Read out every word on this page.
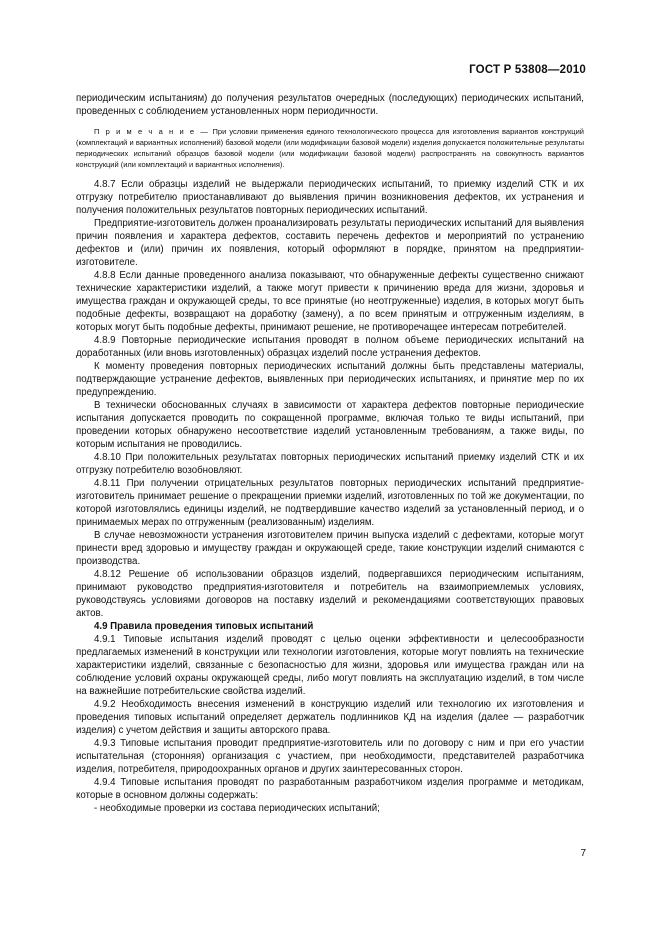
ГОСТ Р 53808—2010

периодическим испытаниям) до получения результатов очередных (последующих) периодических испытаний, проведенных с соблюдением установленных норм периодичности.

П р и м е ч а н и е — При условии применения единого технологического процесса для изготовления вариантов конструкций (комплектаций и вариантных исполнений) базовой модели (или модификации базовой модели) изделия допускается положительные результаты периодических испытаний образцов базовой модели (или модификации базовой модели) распространять на совокупность вариантов конструкций (или комплектаций и вариантных исполнения).

4.8.7 Если образцы изделий не выдержали периодических испытаний, то приемку изделий СТК и их отгрузку потребителю приостанавливают до выявления причин возникновения дефектов, их устранения и получения положительных результатов повторных периодических испытаний.

Предприятие-изготовитель должен проанализировать результаты периодических испытаний для выявления причин появления и характера дефектов, составить перечень дефектов и мероприятий по устранению дефектов и (или) причин их появления, который оформляют в порядке, принятом на предприятии-изготовителе.

4.8.8 Если данные проведенного анализа показывают, что обнаруженные дефекты существенно снижают технические характеристики изделий, а также могут привести к причинению вреда для жизни, здоровья и имущества граждан и окружающей среды, то все принятые (но неотгруженные) изделия, в которых могут быть подобные дефекты, возвращают на доработку (замену), а по всем принятым и отгруженным изделиям, в которых могут быть подобные дефекты, принимают решение, не противоречащее интересам потребителей.

4.8.9 Повторные периодические испытания проводят в полном объеме периодических испытаний на доработанных (или вновь изготовленных) образцах изделий после устранения дефектов.

К моменту проведения повторных периодических испытаний должны быть представлены материалы, подтверждающие устранение дефектов, выявленных при периодических испытаниях, и принятие мер по их предупреждению.

В технически обоснованных случаях в зависимости от характера дефектов повторные периодические испытания допускается проводить по сокращенной программе, включая только те виды испытаний, при проведении которых обнаружено несоответствие изделий установленным требованиям, а также виды, по которым испытания не проводились.

4.8.10 При положительных результатах повторных периодических испытаний приемку изделий СТК и их отгрузку потребителю возобновляют.

4.8.11 При получении отрицательных результатов повторных периодических испытаний предприятие-изготовитель принимает решение о прекращении приемки изделий, изготовленных по той же документации, по которой изготовлялись единицы изделий, не подтвердившие качество изделий за установленный период, и о принимаемых мерах по отгруженным (реализованным) изделиям.

В случае невозможности устранения изготовителем причин выпуска изделий с дефектами, которые могут принести вред здоровью и имуществу граждан и окружающей среде, такие конструкции изделий снимаются с производства.

4.8.12 Решение об использовании образцов изделий, подвергавшихся периодическим испытаниям, принимают руководство предприятия-изготовителя и потребитель на взаимоприемлемых условиях, руководствуясь условиями договоров на поставку изделий и рекомендациями соответствующих правовых актов.

4.9 Правила проведения типовых испытаний

4.9.1 Типовые испытания изделий проводят с целью оценки эффективности и целесообразности предлагаемых изменений в конструкции или технологии изготовления, которые могут повлиять на технические характеристики изделий, связанные с безопасностью для жизни, здоровья или имущества граждан или на соблюдение условий охраны окружающей среды, либо могут повлиять на эксплуатацию изделий, в том числе на важнейшие потребительские свойства изделий.

4.9.2 Необходимость внесения изменений в конструкцию изделий или технологию их изготовления и проведения типовых испытаний определяет держатель подлинников КД на изделия (далее — разработчик изделия) с учетом действия и защиты авторского права.

4.9.3 Типовые испытания проводит предприятие-изготовитель или по договору с ним и при его участии испытательная (сторонняя) организация с участием, при необходимости, представителей разработчика изделия, потребителя, природоохранных органов и других заинтересованных сторон.

4.9.4 Типовые испытания проводят по разработанным разработчиком изделия программе и методикам, которые в основном должны содержать:

- необходимые проверки из состава периодических испытаний;

7
